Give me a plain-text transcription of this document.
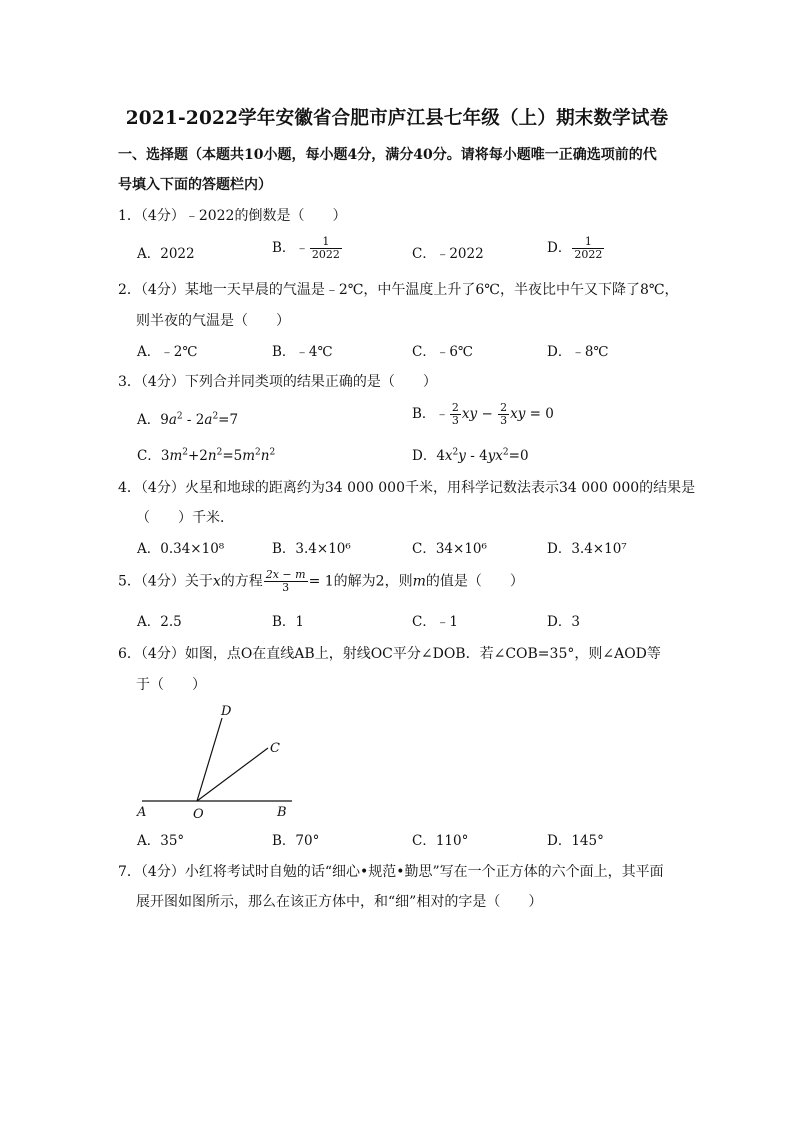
2021-2022学年安徽省合肥市庐江县七年级（上）期末数学试卷
一、选择题（本题共10小题，每小题4分，满分40分。请将每小题唯一正确选项前的代
号填入下面的答题栏内）
1．（4分）﹣2022的倒数是（　　）
A．2022	B．﹣ $\frac{1}{2022}$	C．﹣2022	D． $\frac{1}{2022}$
2．（4分）某地一天早晨的气温是﹣2℃，中午温度上升了6℃，半夜比中午又下降了8℃，
则半夜的气温是（　　）
A．﹣2℃	B．﹣4℃	C．﹣6℃	D．﹣8℃
3．（4分）下列合并同类项的结果正确的是（　　）
A．$9a^2 - 2a^2=7$	B．﹣ $\frac{2}{3}$ xy − $\frac{2}{3}$ xy = 0
C．$3m^2+2n^2=5m^2n^2$	D．$4x^2y - 4yx^2=0$
4．（4分）火星和地球的距离约为34 000 000千米，用科学记数法表示34 000 000的结果是
（　　）千米．
A．0.34×10⁸	B．3.4×10⁶	C．34×10⁶	D．3.4×10⁷
5．（4分）关于x的方程 $\frac{2x - m}{3} = 1$的解为2，则m的值是（　　）
A．2.5	B．1	C．﹣1	D．3
6．（4分）如图，点O在直线AB上，射线OC平分∠DOB．若∠COB=35°，则∠AOD等
于（　　）
A	O	B
C
D
A．35°	B．70°	C．110°	D．145°
7．（4分）小红将考试时自勉的话“细心•规范•勤思”写在一个正方体的六个面上，其平面
展开图如图所示，那么在该正方体中，和“细”相对的字是（　　）
